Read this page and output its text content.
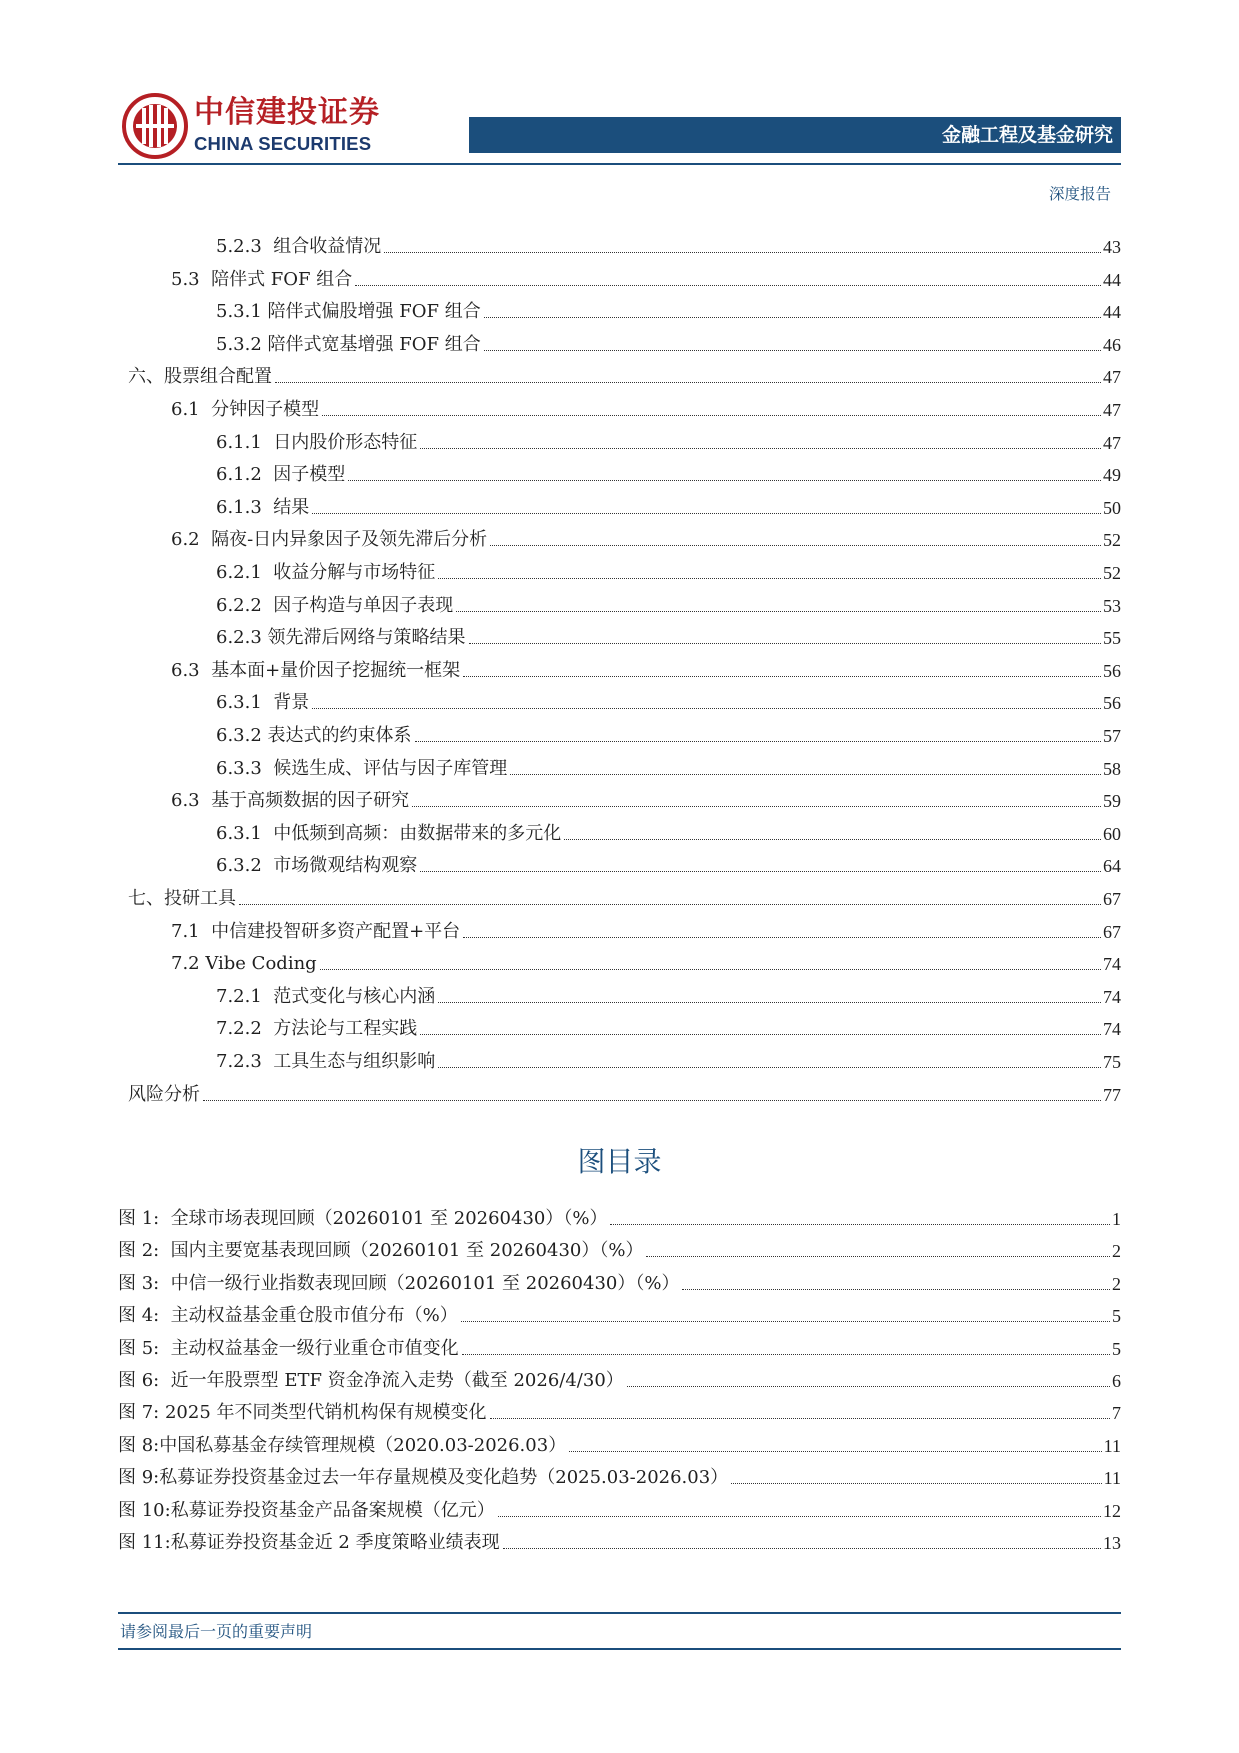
中信建投证券
CHINA SECURITIES	金融工程及基金研究
深度报告
5.2.3  组合收益情况	43
5.3  陪伴式 FOF 组合	44
5.3.1 陪伴式偏股增强 FOF 组合	44
5.3.2 陪伴式宽基增强 FOF 组合	46
六、股票组合配置	47
6.1  分钟因子模型	47
6.1.1  日内股价形态特征	47
6.1.2  因子模型	49
6.1.3  结果	50
6.2  隔夜-日内异象因子及领先滞后分析	52
6.2.1  收益分解与市场特征	52
6.2.2  因子构造与单因子表现	53
6.2.3 领先滞后网络与策略结果	55
6.3  基本面+量价因子挖掘统一框架	56
6.3.1  背景	56
6.3.2 表达式的约束体系	57
6.3.3  候选生成、评估与因子库管理	58
6.3  基于高频数据的因子研究	59
6.3.1  中低频到高频：由数据带来的多元化	60
6.3.2  市场微观结构观察	64
七、投研工具	67
7.1  中信建投智研多资产配置+平台	67
7.2 Vibe Coding	74
7.2.1  范式变化与核心内涵	74
7.2.2  方法论与工程实践	74
7.2.3  工具生态与组织影响	75
风险分析	77
图目录
图 1:  全球市场表现回顾（20260101 至 20260430）（%）	1
图 2:  国内主要宽基表现回顾（20260101 至 20260430）（%）	2
图 3:  中信一级行业指数表现回顾（20260101 至 20260430）（%）	2
图 4:  主动权益基金重仓股市值分布（%）	5
图 5:  主动权益基金一级行业重仓市值变化	5
图 6:  近一年股票型 ETF 资金净流入走势（截至 2026/4/30）	6
图 7: 2025 年不同类型代销机构保有规模变化	7
图 8:中国私募基金存续管理规模（2020.03-2026.03）	11
图 9:私募证券投资基金过去一年存量规模及变化趋势（2025.03-2026.03）	11
图 10:私募证券投资基金产品备案规模（亿元）	12
图 11:私募证券投资基金近 2 季度策略业绩表现	13
请参阅最后一页的重要声明
